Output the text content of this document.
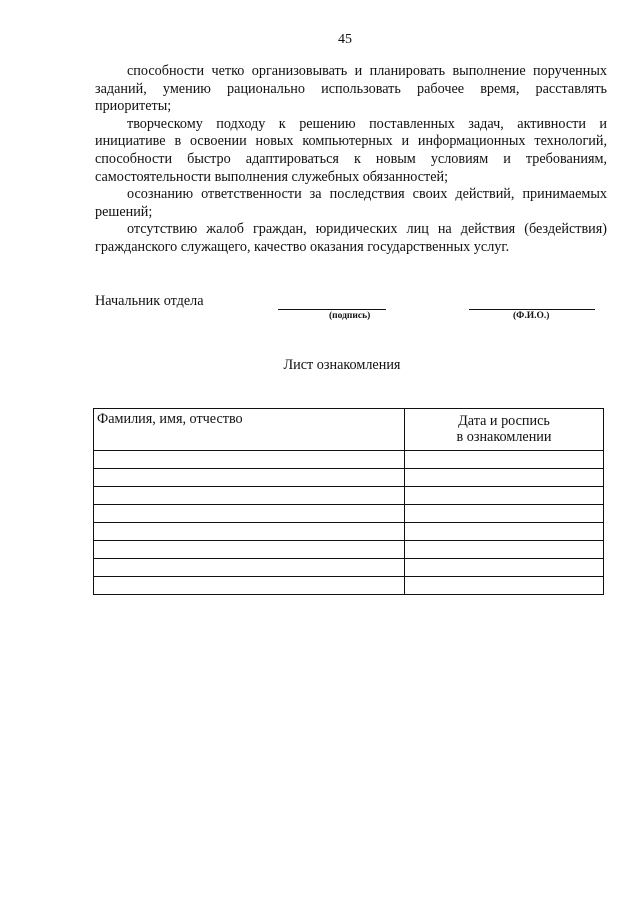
45

способности четко организовывать и планировать выполнение порученных заданий, умению рационально использовать рабочее время, расставлять приоритеты;

творческому подходу к решению поставленных задач, активности и инициативе в освоении новых компьютерных и информационных технологий, способности быстро адаптироваться к новым условиям и требованиям, самостоятельности выполнения служебных обязанностей;

осознанию ответственности за последствия своих действий, принимаемых решений;

отсутствию жалоб граждан, юридических лиц на действия (бездействия) гражданского служащего, качество оказания государственных услуг.

Начальник отдела
(подпись)	(Ф.И.О.)
Лист ознакомления
Фамилия, имя, отчество	Дата и роспись
в ознакомлении
